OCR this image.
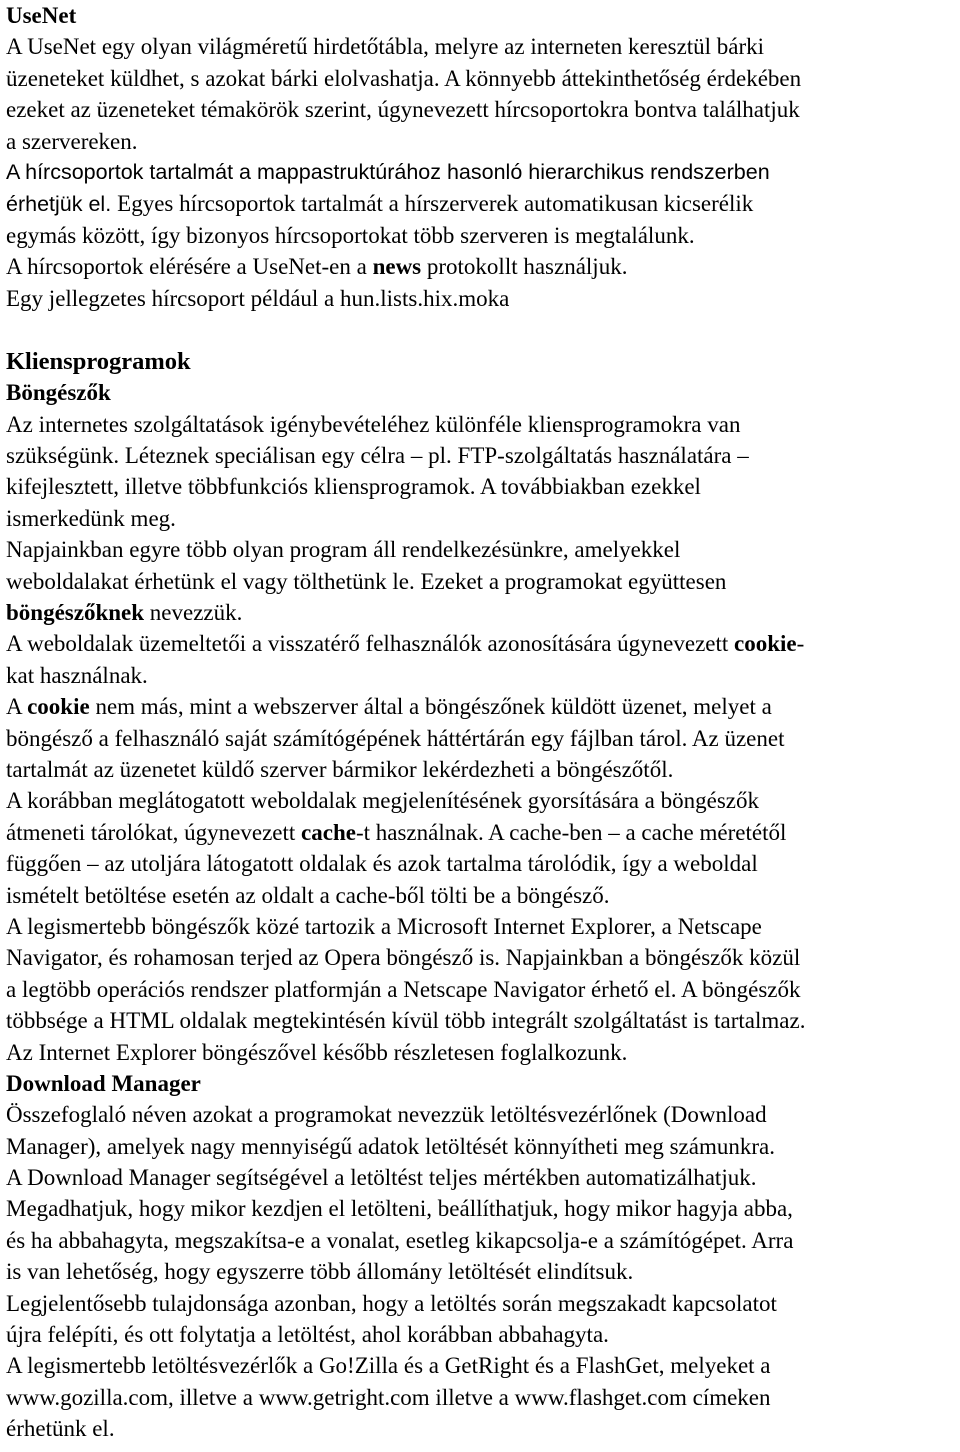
UseNet
A UseNet egy olyan világméretű hirdetőtábla, melyre az interneten keresztül bárki
üzeneteket küldhet, s azokat bárki elolvashatja. A könnyebb áttekinthetőség érdekében
ezeket az üzeneteket témakörök szerint, úgynevezett hírcsoportokra bontva találhatjuk
a szervereken.
A hírcsoportok tartalmát a mappastruktúrához hasonló hierarchikus rendszerben
érhetjük el. Egyes hírcsoportok tartalmát a hírszerverek automatikusan kicserélik
egymás között, így bizonyos hírcsoportokat több szerveren is megtalálunk.
A hírcsoportok elérésére a UseNet-en a news protokollt használjuk.
Egy jellegzetes hírcsoport például a hun.lists.hix.moka
Kliensprogramok
Böngészők
Az internetes szolgáltatások igénybevételéhez különféle kliensprogramokra van
szükségünk. Léteznek speciálisan egy célra – pl. FTP-szolgáltatás használatára –
kifejlesztett, illetve többfunkciós kliensprogramok. A továbbiakban ezekkel
ismerkedünk meg.
Napjainkban egyre több olyan program áll rendelkezésünkre, amelyekkel
weboldalakat érhetünk el vagy tölthetünk le. Ezeket a programokat együttesen
böngészőknek nevezzük.
A weboldalak üzemeltetői a visszatérő felhasználók azonosítására úgynevezett cookie-
kat használnak.
A cookie nem más, mint a webszerver által a böngészőnek küldött üzenet, melyet a
böngésző a felhasználó saját számítógépének háttértárán egy fájlban tárol. Az üzenet
tartalmát az üzenetet küldő szerver bármikor lekérdezheti a böngészőtől.
A korábban meglátogatott weboldalak megjelenítésének gyorsítására a böngészők
átmeneti tárolókat, úgynevezett cache-t használnak. A cache-ben – a cache méretétől
függően – az utoljára látogatott oldalak és azok tartalma tárolódik, így a weboldal
ismételt betöltése esetén az oldalt a cache-ből tölti be a böngésző.
A legismertebb böngészők közé tartozik a Microsoft Internet Explorer, a Netscape
Navigator, és rohamosan terjed az Opera böngésző is. Napjainkban a böngészők közül
a legtöbb operációs rendszer platformján a Netscape Navigator érhető el. A böngészők
többsége a HTML oldalak megtekintésén kívül több integrált szolgáltatást is tartalmaz.
Az Internet Explorer böngészővel később részletesen foglalkozunk.
Download Manager
Összefoglaló néven azokat a programokat nevezzük letöltésvezérlőnek (Download
Manager), amelyek nagy mennyiségű adatok letöltését könnyítheti meg számunkra.
A Download Manager segítségével a letöltést teljes mértékben automatizálhatjuk.
Megadhatjuk, hogy mikor kezdjen el letölteni, beállíthatjuk, hogy mikor hagyja abba,
és ha abbahagyta, megszakítsa-e a vonalat, esetleg kikapcsolja-e a számítógépet. Arra
is van lehetőség, hogy egyszerre több állomány letöltését elindítsuk.
Legjelentősebb tulajdonsága azonban, hogy a letöltés során megszakadt kapcsolatot
újra felépíti, és ott folytatja a letöltést, ahol korábban abbahagyta.
A legismertebb letöltésvezérlők a Go!Zilla és a GetRight és a FlashGet, melyeket a
www.gozilla.com, illetve a www.getright.com illetve a www.flashget.com címeken
érhetünk el.
